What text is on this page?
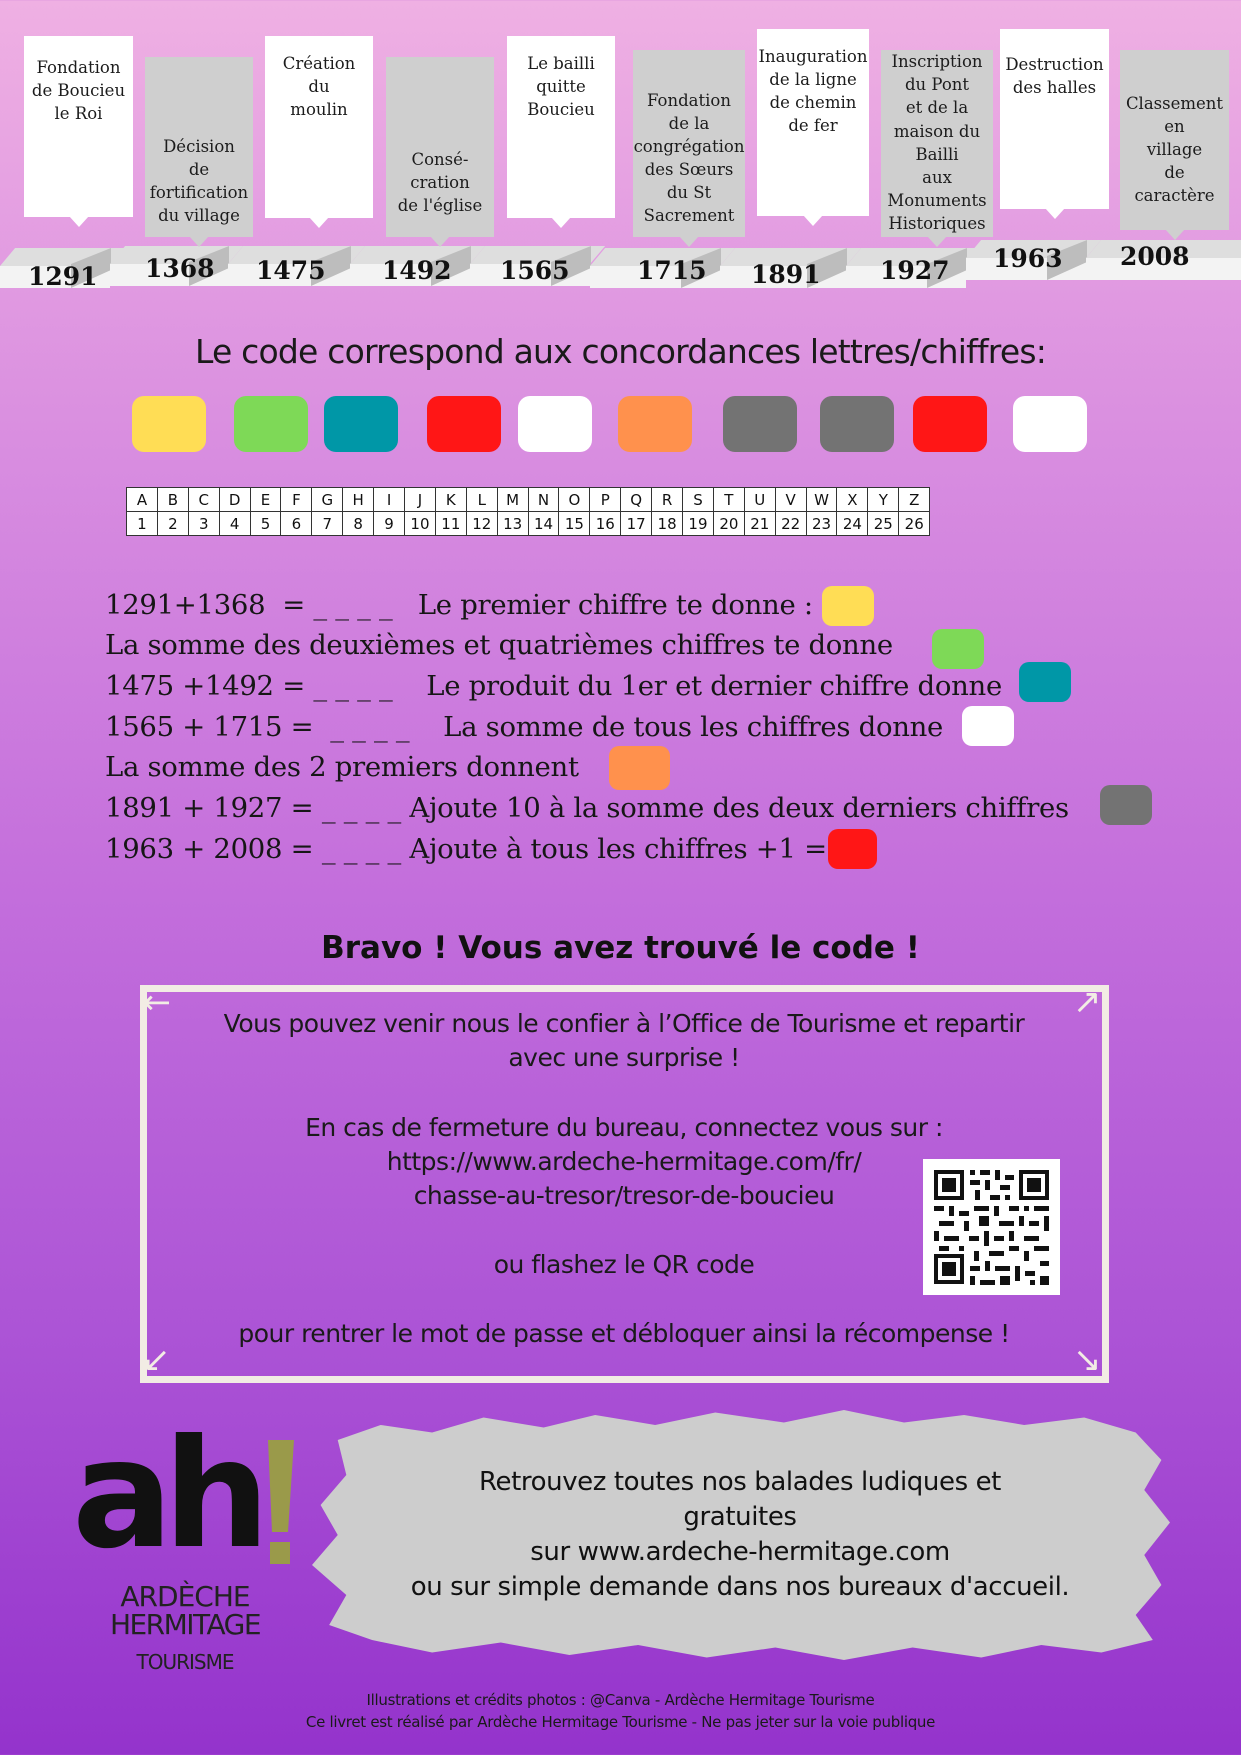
1291 1368 1475 1492 1565	1715 1891 1927 1963 2008
Fondation
de Boucieu
le Roi
Décision
de
fortification
du village
Création
du
moulin
Consé-
cration
de l'église
Le bailli
quitte
Boucieu	Fondation
de la
congrégation
des Sœurs
du St
Sacrement
Inauguration
de la ligne
de chemin
de fer
Inscription
du Pont
et de la
maison du
Bailli
aux
Monuments
Historiques
Destruction
des halles
Classement
en
village
de
caractère
Le code correspond aux concordances lettres/chiffres:
A	B	C	D	E	F	G	H	I	J	K	L	M	N	O	P	Q	R	S	T	U	V	W	X	Y	Z
1	2	3	4	5	6	7	8	9	10	11	12	13	14	15	16	17	18	19	20	21	22	23	24	25	26
1291+1368  = _ _ _ _   Le premier chiffre te donne :
La somme des deuxièmes et quatrièmes chiffres te donne
1475 +1492 = _ _ _ _    Le produit du 1er et dernier chiffre donne
1565 + 1715 =  _ _ _ _    La somme de tous les chiffres donne
La somme des 2 premiers donnent
1891 + 1927 = _ _ _ _ Ajoute 10 à la somme des deux derniers chiffres
1963 + 2008 = _ _ _ _ Ajoute à tous les chiffres +1 =
Bravo ! Vous avez trouvé le code !
↖	↗
↙	↘
Vous pouvez venir nous le confier à l’Office de Tourisme et repartir
avec une surprise !
En cas de fermeture du bureau, connectez vous sur :
https://www.ardeche-hermitage.com/fr/
chasse-au-tresor/tresor-de-boucieu
ou flashez le QR code
pour rentrer le mot de passe et débloquer ainsi la récompense !
Retrouvez toutes nos balades ludiques et
gratuites
sur www.ardeche-hermitage.com
ou sur simple demande dans nos bureaux d'accueil.
ah
ARDÈCHE
HERMITAGE
TOURISME
Illustrations et crédits photos : @Canva - Ardèche Hermitage Tourisme
Ce livret est réalisé par Ardèche Hermitage Tourisme - Ne pas jeter sur la voie publique
